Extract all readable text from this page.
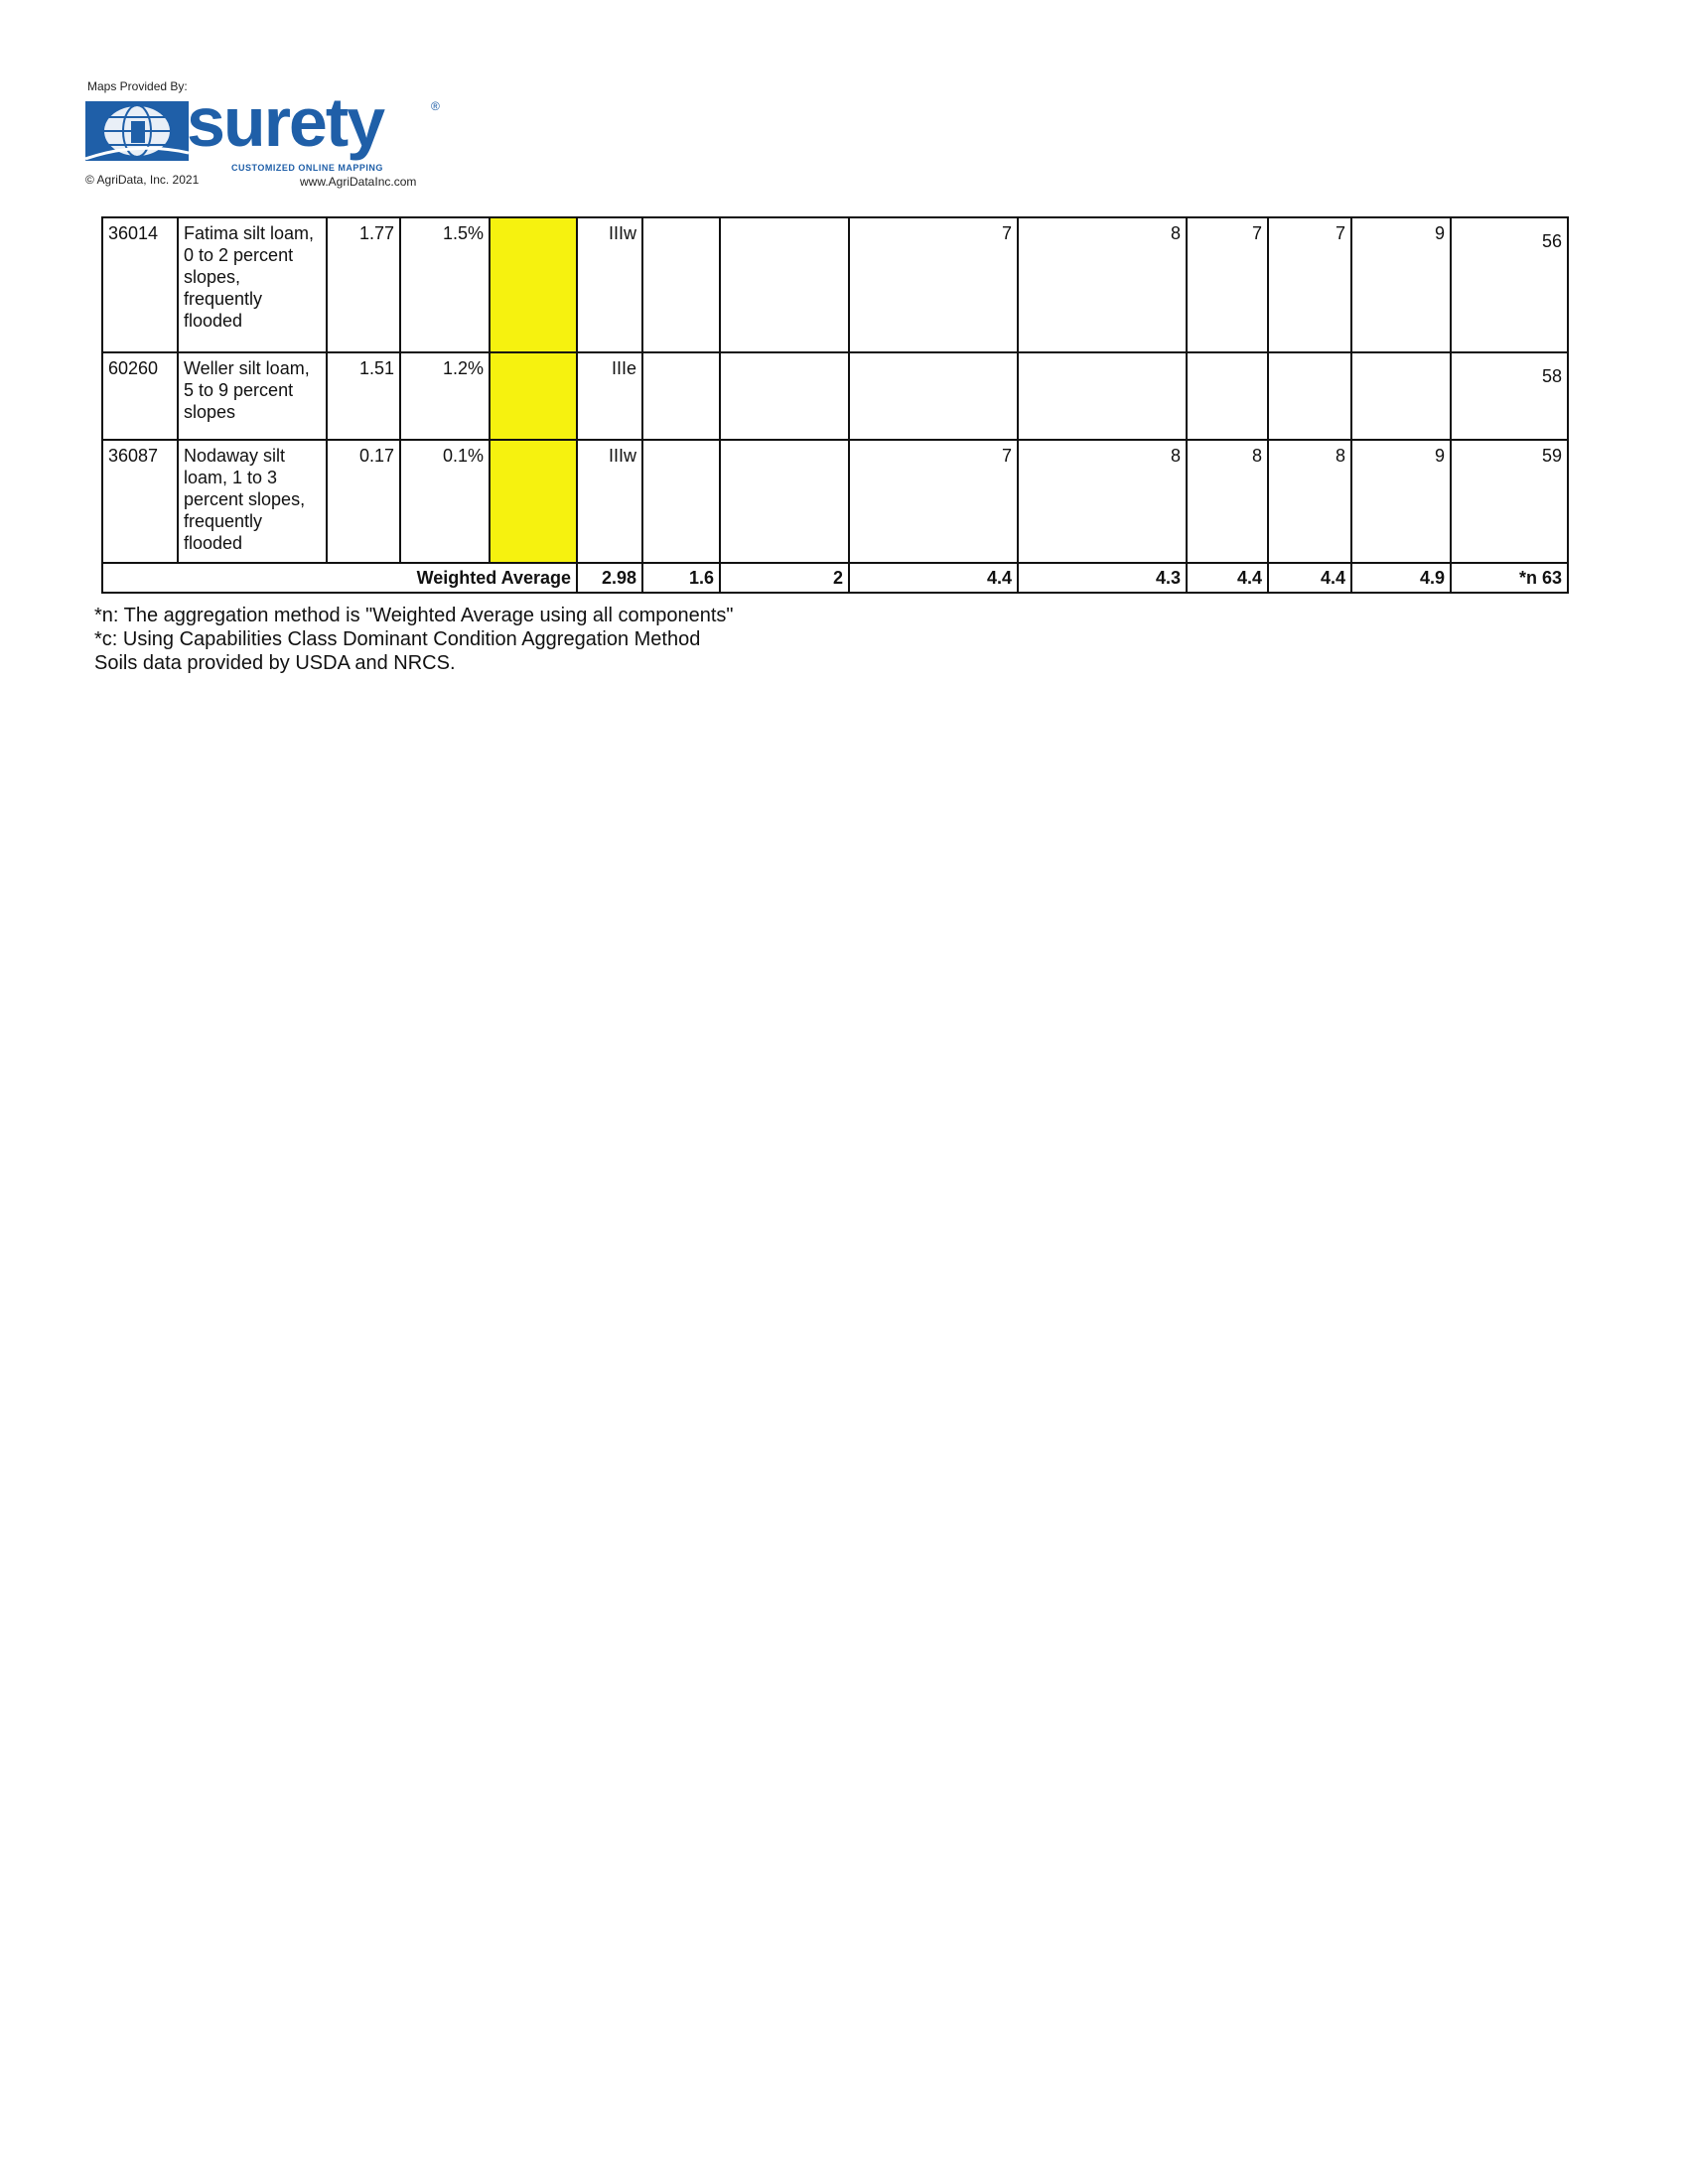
Maps Provided By: surety	®
CUSTOMIZED ONLINE MAPPING
© AgriData, Inc. 2021	www.AgriDataInc.com
36014	Fatima silt loam, 0 to 2 percent slopes, frequently flooded	1.77	1.5%		IIIw			7	8	7	7	9	56
60260	Weller silt loam, 5 to 9 percent slopes	1.51	1.2%		IIIe								58
36087	Nodaway silt loam, 1 to 3 percent slopes, frequently flooded	0.17	0.1%		IIIw			7	8	8	8	9	59
Weighted Average					2.98	1.6	2	4.4	4.3	4.4	4.4	4.9	*n 63
*n: The aggregation method is "Weighted Average using all components"
*c: Using Capabilities Class Dominant Condition Aggregation Method
Soils data provided by USDA and NRCS.
